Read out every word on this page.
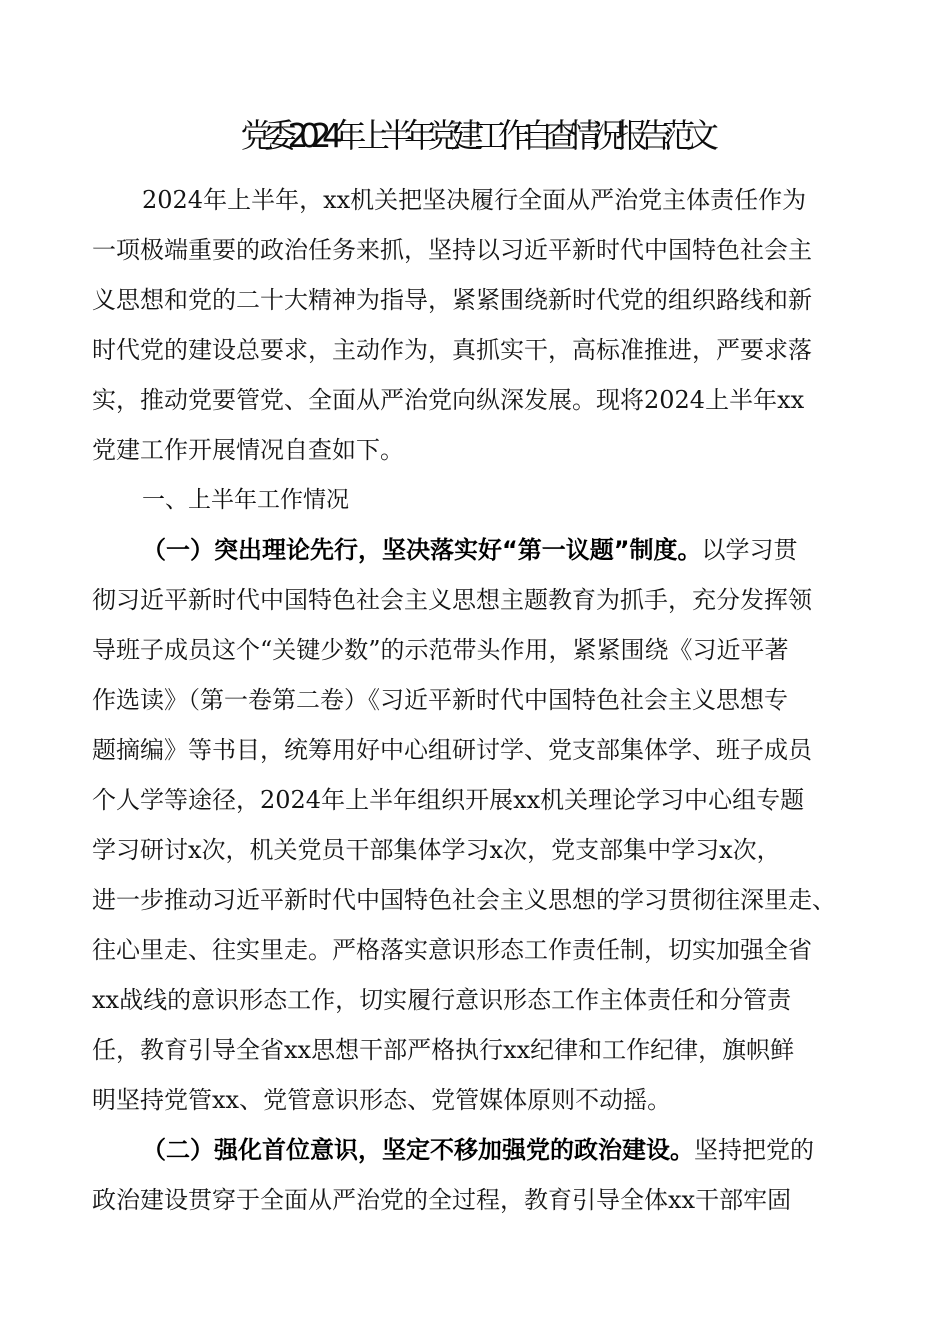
党委2024年上半年党建工作自查情况报告范文
2024年上半年，xx机关把坚决履行全面从严治党主体责任作为
一项极端重要的政治任务来抓，坚持以习近平新时代中国特色社会主
义思想和党的二十大精神为指导，紧紧围绕新时代党的组织路线和新
时代党的建设总要求，主动作为，真抓实干，高标准推进，严要求落
实，推动党要管党、全面从严治党向纵深发展。现将2024上半年xx
党建工作开展情况自查如下。
一、上半年工作情况
（一）突出理论先行，坚决落实好“第一议题”制度。以学习贯
彻习近平新时代中国特色社会主义思想主题教育为抓手，充分发挥领
导班子成员这个“关键少数”的示范带头作用，紧紧围绕《习近平著
作选读》（第一卷第二卷）《习近平新时代中国特色社会主义思想专
题摘编》等书目，统筹用好中心组研讨学、党支部集体学、班子成员
个人学等途径，2024年上半年组织开展xx机关理论学习中心组专题
学习研讨x次，机关党员干部集体学习x次，党支部集中学习x次，
进一步推动习近平新时代中国特色社会主义思想的学习贯彻往深里走、
往心里走、往实里走。严格落实意识形态工作责任制，切实加强全省
xx战线的意识形态工作，切实履行意识形态工作主体责任和分管责
任，教育引导全省xx思想干部严格执行xx纪律和工作纪律，旗帜鲜
明坚持党管xx、党管意识形态、党管媒体原则不动摇。
（二）强化首位意识，坚定不移加强党的政治建设。坚持把党的
政治建设贯穿于全面从严治党的全过程，教育引导全体xx干部牢固
